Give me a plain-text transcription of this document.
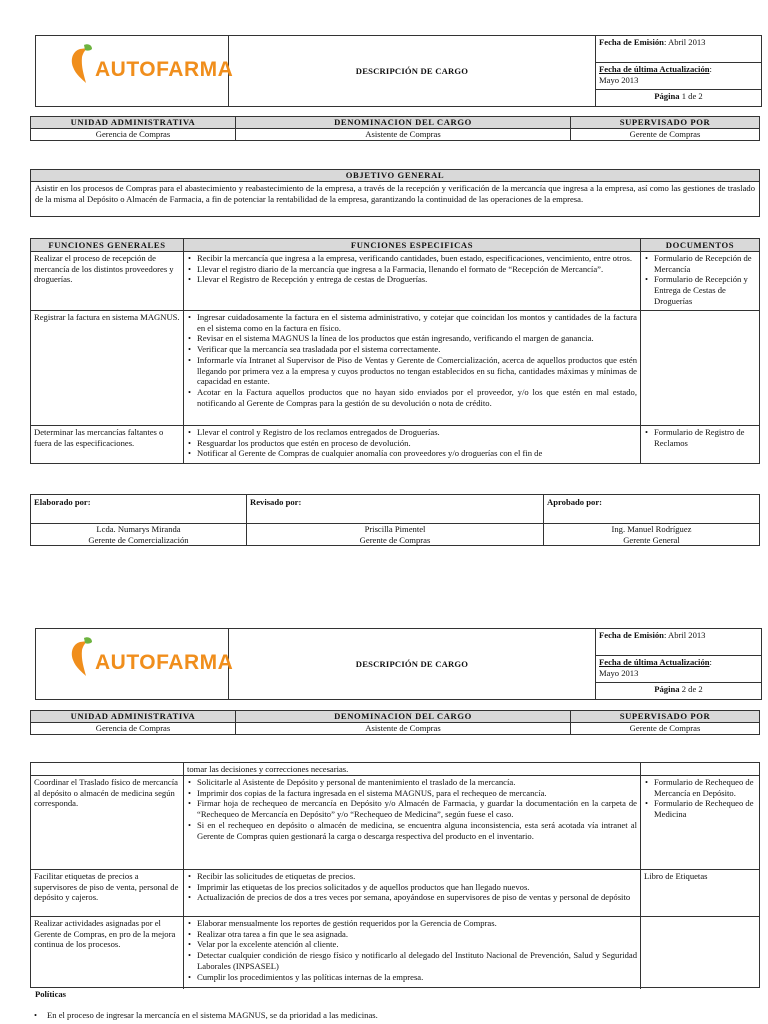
AUTOFARMA	DESCRIPCIÓN DE CARGO
Fecha de Emisión: Abril 2013
Fecha de última Actualización:
Mayo 2013
Página 1 de 2
UNIDAD ADMINISTRATIVA	DENOMINACION DEL CARGO	SUPERVISADO POR
Gerencia de Compras	Asistente de Compras	Gerente de Compras
OBJETIVO GENERAL
Asistir en los procesos de Compras para el abastecimiento y reabastecimiento de la empresa, a través de la recepción y verificación de la mercancía que ingresa a la empresa, así como las gestiones de traslado de la misma al Depósito o Almacén de Farmacia, a fin de potenciar la rentabilidad de la empresa, garantizando la continuidad de las operaciones de la empresa.
FUNCIONES GENERALES	FUNCIONES ESPECIFICAS	DOCUMENTOS
Realizar el proceso de recepción de mercancía de los distintos proveedores y droguerías.
• Recibir la mercancía que ingresa a la empresa, verificando cantidades, buen estado, especificaciones, vencimiento, entre otros.
• Llevar el registro diario de la mercancía que ingresa a la Farmacia, llenando el formato de “Recepción de Mercancía”.
• Llevar el Registro de Recepción y entrega de cestas de Droguerías.
• Formulario de Recepción de Mercancía
• Formulario de Recepción y Entrega de Cestas de Droguerías
Registrar la factura en sistema MAGNUS.
•	Ingresar cuidadosamente la factura en el sistema administrativo, y cotejar que coincidan los montos y cantidades de la factura en el sistema como en la factura en físico.
• Revisar en el sistema MAGNUS la línea de los productos que están ingresando, verificando el margen de ganancia.
• Verificar que la mercancía sea trasladada por el sistema correctamente.
• Informarle vía Intranet al Supervisor de Piso de Ventas y Gerente de Comercialización, acerca de aquellos productos que estén llegando por primera vez a la empresa y cuyos productos no tengan establecidos en su ficha, cantidades máximas y mínimas de capacidad en estante.
• Acotar en la Factura aquellos productos que no hayan sido enviados por el proveedor, y/o los que estén en mal estado, notificando al Gerente de Compras para la gestión de su devolución o nota de crédito.
Determinar las mercancías faltantes o fuera de las especificaciones.
• Llevar el control y Registro de los reclamos entregados de Droguerías.
• Resguardar los productos que estén en proceso de devolución.
• Notificar al Gerente de Compras de cualquier anomalía con proveedores y/o droguerías con el fin de
• Formulario de Registro de Reclamos
Elaborado por:
Lcda. Numarys Miranda
Gerente de Comercialización
Revisado por:
Priscilla Pimentel
Gerente de Compras
Aprobado por:
Ing. Manuel Rodríguez
Gerente General
AUTOFARMA	DESCRIPCIÓN DE CARGO
Fecha de Emisión: Abril 2013
Fecha de última Actualización:
Mayo 2013
Página 2 de 2
UNIDAD ADMINISTRATIVA	DENOMINACION DEL CARGO	SUPERVISADO POR
Gerencia de Compras	Asistente de Compras	Gerente de Compras
tomar las decisiones y correcciones necesarias.
Coordinar el Traslado físico de mercancía al depósito o almacén de medicina según corresponda.
• Solicitarle al Asistente de Depósito y personal de mantenimiento el traslado de la mercancía.
• Imprimir dos copias de la factura ingresada en el sistema MAGNUS, para el rechequeo de mercancía.
• Firmar hoja de rechequeo de mercancía en Depósito y/o Almacén de Farmacia, y guardar la documentación en la carpeta de “Rechequeo de Mercancía en Depósito” y/o “Rechequeo de Medicina”, según fuese el caso.
• Si en el rechequeo en depósito o almacén de medicina, se encuentra alguna inconsistencia, esta será acotada vía intranet al Gerente de Compras quien gestionará la carga o descarga respectiva del producto en el inventario.
• Formulario de Rechequeo de Mercancía en Depósito.
• Formulario de Rechequeo de Medicina
Facilitar etiquetas de precios a supervisores de piso de venta, personal de depósito y cajeros.
• Recibir las solicitudes de etiquetas de precios.
• Imprimir las etiquetas de los precios solicitados y de aquellos productos que han llegado nuevos.
• Actualización de precios de dos a tres veces por semana, apoyándose en supervisores de piso de ventas y personal de depósito
Libro de Etiquetas
Realizar actividades asignadas por el Gerente de Compras, en pro de la mejora continua de los procesos.
• Elaborar mensualmente los reportes de gestión requeridos por la Gerencia de Compras.
• Realizar otra tarea a fin que le sea asignada.
• Velar por la excelente atención al cliente.
• Detectar cualquier condición de riesgo físico y notificarlo al delegado del Instituto Nacional de Prevención, Salud y Seguridad Laborales (INPSASEL)
• Cumplir los procedimientos y las políticas internas de la empresa.
Políticas
• En el proceso de ingresar la mercancía en el sistema MAGNUS, se da prioridad a las medicinas.
